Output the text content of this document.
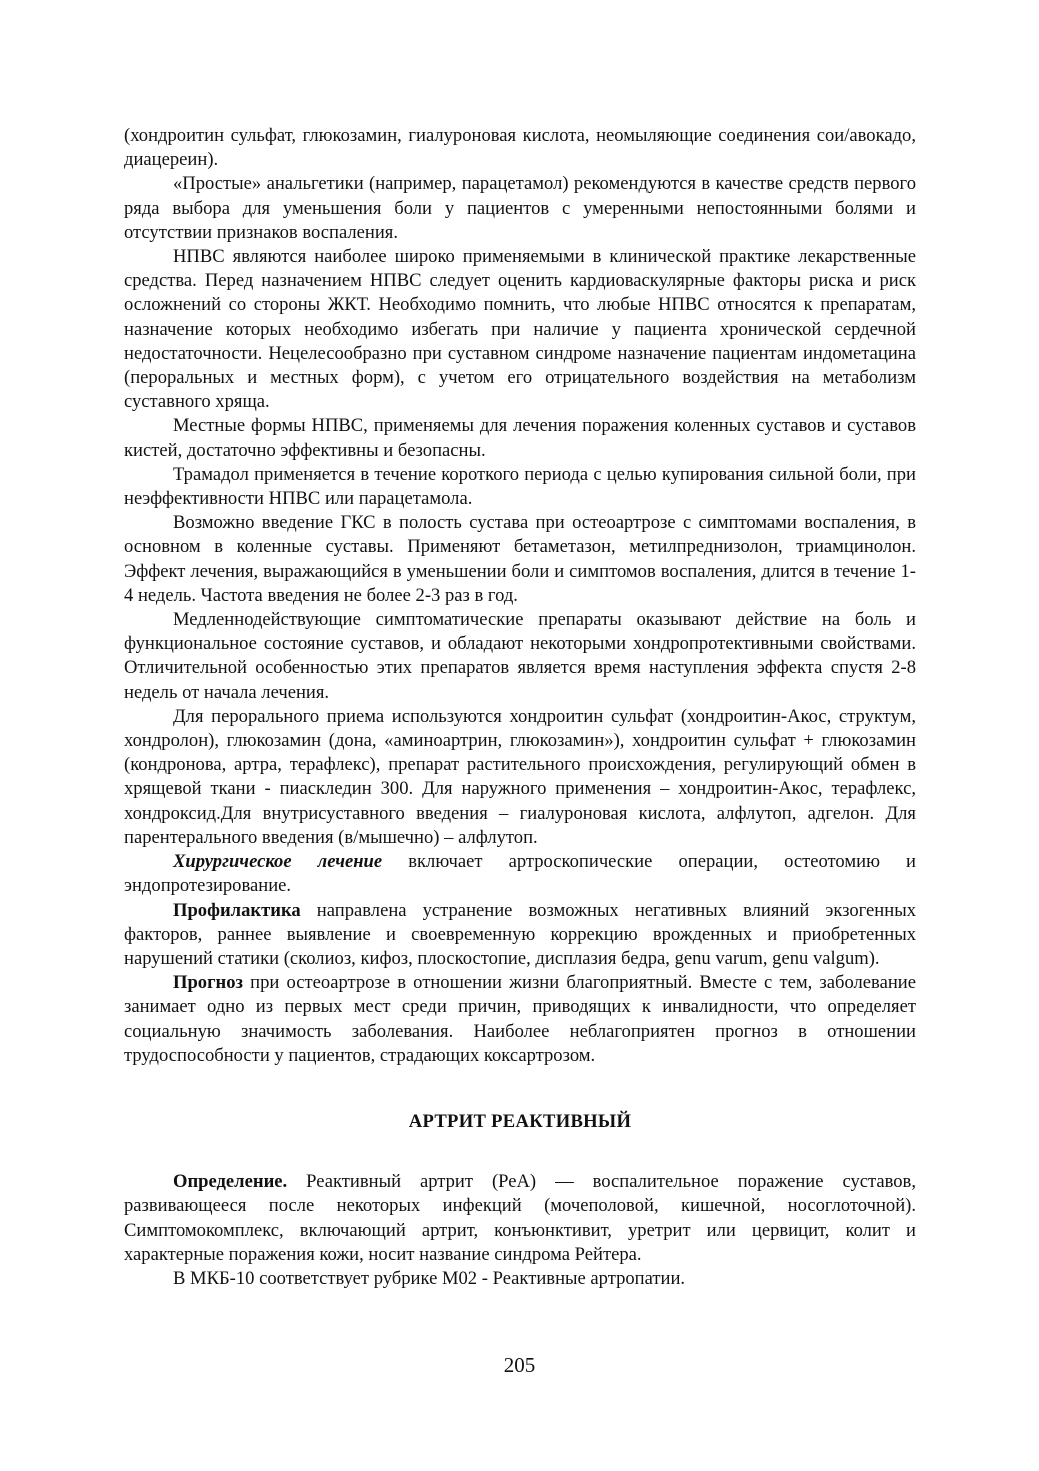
(хондроитин сульфат, глюкозамин, гиалуроновая кислота, неомыляющие соединения сои/авокадо, диацереин).

«Простые» анальгетики (например, парацетамол) рекомендуются в качестве средств первого ряда выбора для уменьшения боли у пациентов с умеренными непостоянными болями и отсутствии признаков воспаления.

НПВС являются наиболее широко применяемыми в клинической практике лекарственные средства. Перед назначением НПВС следует оценить кардиоваскулярные факторы риска и риск осложнений со стороны ЖКТ. Необходимо помнить, что любые НПВС относятся к препаратам, назначение которых необходимо избегать при наличие у пациента хронической сердечной недостаточности. Нецелесообразно при суставном синдроме назначение пациентам индометацина (пероральных и местных форм), с учетом его отрицательного воздействия на метаболизм суставного хряща.

Местные формы НПВС, применяемы для лечения поражения коленных суставов и суставов кистей, достаточно эффективны и безопасны.

Трамадол применяется в течение короткого периода с целью купирования сильной боли, при неэффективности НПВС или парацетамола.

Возможно введение ГКС в полость сустава при остеоартрозе с симптомами воспаления, в основном в коленные суставы. Применяют бетаметазон, метилпреднизолон, триамцинолон. Эффект лечения, выражающийся в уменьшении боли и симптомов воспаления, длится в течение 1-4 недель. Частота введения не более 2-3 раз в год.

Медленнодействующие симптоматические препараты оказывают действие на боль и функциональное состояние суставов, и обладают некоторыми хондропротективными свойствами. Отличительной особенностью этих препаратов является время наступления эффекта спустя 2-8 недель от начала лечения.

Для перорального приема используются хондроитин сульфат (хондроитин-Акос, структум, хондролон), глюкозамин (дона, «аминоартрин, глюкозамин»), хондроитин сульфат + глюкозамин (кондронова, артра, терафлекс), препарат растительного происхождения, регулирующий обмен в хрящевой ткани - пиаскледин 300. Для наружного применения – хондроитин-Акос, терафлекс, хондроксид.Для внутрисуставного введения – гиалуроновая кислота, алфлутоп, адгелон. Для парентерального введения (в/мышечно) – алфлутоп.

Хирургическое лечение включает артроскопические операции, остеотомию и эндопротезирование.

Профилактика направлена устранение возможных негативных влияний экзогенных факторов, раннее выявление и своевременную коррекцию врожденных и приобретенных нарушений статики (сколиоз, кифоз, плоскостопие, дисплазия бедра, genu varum, genu valgum).

Прогноз при остеоартрозе в отношении жизни благоприятный. Вместе с тем, заболевание занимает одно из первых мест среди причин, приводящих к инвалидности, что определяет социальную значимость заболевания. Наиболее неблагоприятен прогноз в отношении трудоспособности у пациентов, страдающих коксартрозом.

АРТРИТ РЕАКТИВНЫЙ

Определение. Реактивный артрит (РеА) — воспалительное поражение суставов, развивающееся после некоторых инфекций (мочеполовой, кишечной, носоглоточной). Симптомокомплекс, включающий артрит, конъюнктивит, уретрит или цервицит, колит и характерные поражения кожи, носит название синдрома Рейтера.

В МКБ-10 соответствует рубрике М02 - Реактивные артропатии.

205
